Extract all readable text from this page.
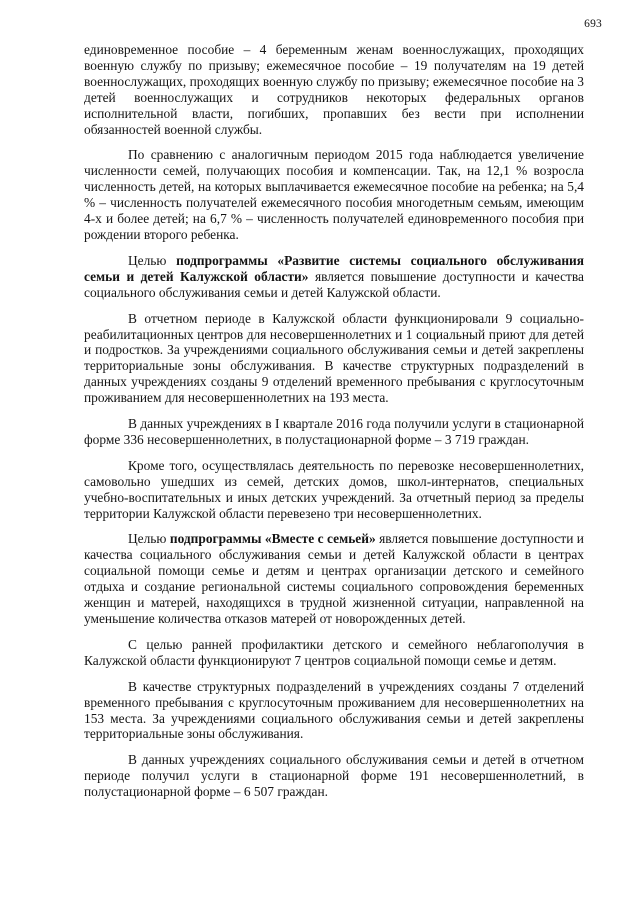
693

единовременное пособие – 4 беременным женам военнослужащих, проходящих военную службу по призыву; ежемесячное пособие – 19 получателям на 19 детей военнослужащих, проходящих военную службу по призыву; ежемесячное пособие на 3 детей военнослужащих и сотрудников некоторых федеральных органов исполнительной власти, погибших, пропавших без вести при исполнении обязанностей военной службы.

По сравнению с аналогичным периодом 2015 года наблюдается увеличение численности семей, получающих пособия и компенсации. Так, на 12,1 % возросла численность детей, на которых выплачивается ежемесячное пособие на ребенка; на 5,4 % – численность получателей ежемесячного пособия многодетным семьям, имеющим 4-х и более детей; на 6,7 % – численность получателей единовременного пособия при рождении второго ребенка.

Целью подпрограммы «Развитие системы социального обслуживания семьи и детей Калужской области» является повышение доступности и качества социального обслуживания семьи и детей Калужской области.

В отчетном периоде в Калужской области функционировали 9 социально-реабилитационных центров для несовершеннолетних и 1 социальный приют для детей и подростков. За учреждениями социального обслуживания семьи и детей закреплены территориальные зоны обслуживания. В качестве структурных подразделений в данных учреждениях созданы 9 отделений временного пребывания с круглосуточным проживанием для несовершеннолетних на 193 места.

В данных учреждениях в I квартале 2016 года получили услуги в стационарной форме 336 несовершеннолетних, в полустационарной форме – 3 719 граждан.

Кроме того, осуществлялась деятельность по перевозке несовершеннолетних, самовольно ушедших из семей, детских домов, школ-интернатов, специальных учебно-воспитательных и иных детских учреждений. За отчетный период за пределы территории Калужской области перевезено три несовершеннолетних.

Целью подпрограммы «Вместе с семьей» является повышение доступности и качества социального обслуживания семьи и детей Калужской области в центрах социальной помощи семье и детям и центрах организации детского и семейного отдыха и создание региональной системы социального сопровождения беременных женщин и матерей, находящихся в трудной жизненной ситуации, направленной на уменьшение количества отказов матерей от новорожденных детей.

С целью ранней профилактики детского и семейного неблагополучия в Калужской области функционируют 7 центров социальной помощи семье и детям.

В качестве структурных подразделений в учреждениях созданы 7 отделений временного пребывания с круглосуточным проживанием для несовершеннолетних на 153 места. За учреждениями социального обслуживания семьи и детей закреплены территориальные зоны обслуживания.

В данных учреждениях социального обслуживания семьи и детей в отчетном периоде получил услуги в стационарной форме 191 несовершеннолетний, в полустационарной форме – 6 507 граждан.
